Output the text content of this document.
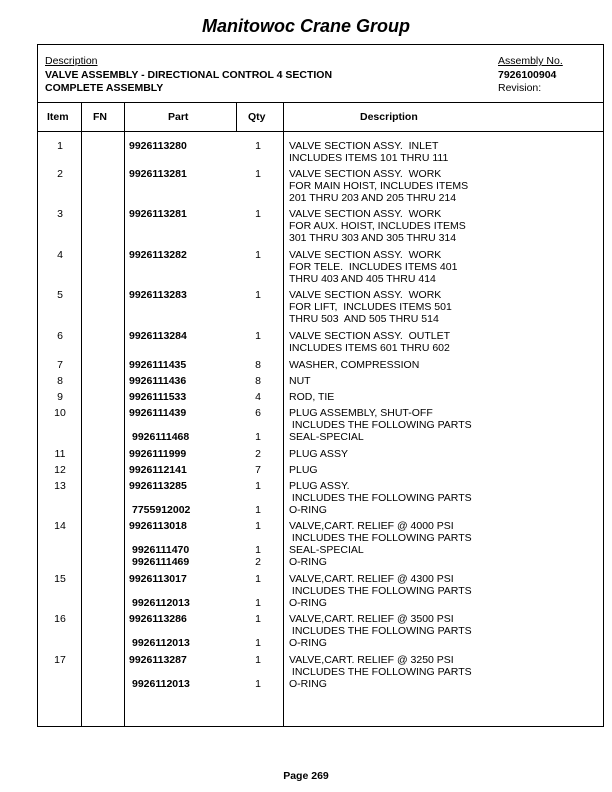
Manitowoc Crane Group
Description
VALVE ASSEMBLY - DIRECTIONAL CONTROL 4 SECTION
COMPLETE ASSEMBLY
Assembly No.
7926100904
Revision:
Item FN	Part	Qty	Description
1	9926113280	1	VALVE SECTION ASSY.  INLET
INCLUDES ITEMS 101 THRU 111
2	9926113281	1	VALVE SECTION ASSY.  WORK
FOR MAIN HOIST, INCLUDES ITEMS
201 THRU 203 AND 205 THRU 214
3	9926113281	1	VALVE SECTION ASSY.  WORK
FOR AUX. HOIST, INCLUDES ITEMS
301 THRU 303 AND 305 THRU 314
4	9926113282	1	VALVE SECTION ASSY.  WORK
FOR TELE.  INCLUDES ITEMS 401
THRU 403 AND 405 THRU 414
5	9926113283	1	VALVE SECTION ASSY.  WORK
FOR LIFT,  INCLUDES ITEMS 501
THRU 503  AND 505 THRU 514
6	9926113284	1	VALVE SECTION ASSY.  OUTLET
INCLUDES ITEMS 601 THRU 602
7	9926111435	8	WASHER, COMPRESSION
8	9926111436	8	NUT
9	9926111533	4	ROD, TIE
10	9926111439	6	PLUG ASSEMBLY, SHUT-OFF
INCLUDES THE FOLLOWING PARTS
9926111468	1	SEAL-SPECIAL
11	9926111999	2	PLUG ASSY
12	9926112141	7	PLUG
13	9926113285	1	PLUG ASSY.
INCLUDES THE FOLLOWING PARTS
7755912002	1	O-RING
14	9926113018	1	VALVE,CART. RELIEF @ 4000 PSI
INCLUDES THE FOLLOWING PARTS
9926111470	1	SEAL-SPECIAL
9926111469	2	O-RING
15	9926113017	1	VALVE,CART. RELIEF @ 4300 PSI
INCLUDES THE FOLLOWING PARTS
9926112013	1	O-RING
16	9926113286	1	VALVE,CART. RELIEF @ 3500 PSI
INCLUDES THE FOLLOWING PARTS
9926112013	1	O-RING
17	9926113287	1	VALVE,CART. RELIEF @ 3250 PSI
INCLUDES THE FOLLOWING PARTS
9926112013	1	O-RING
Page 269
